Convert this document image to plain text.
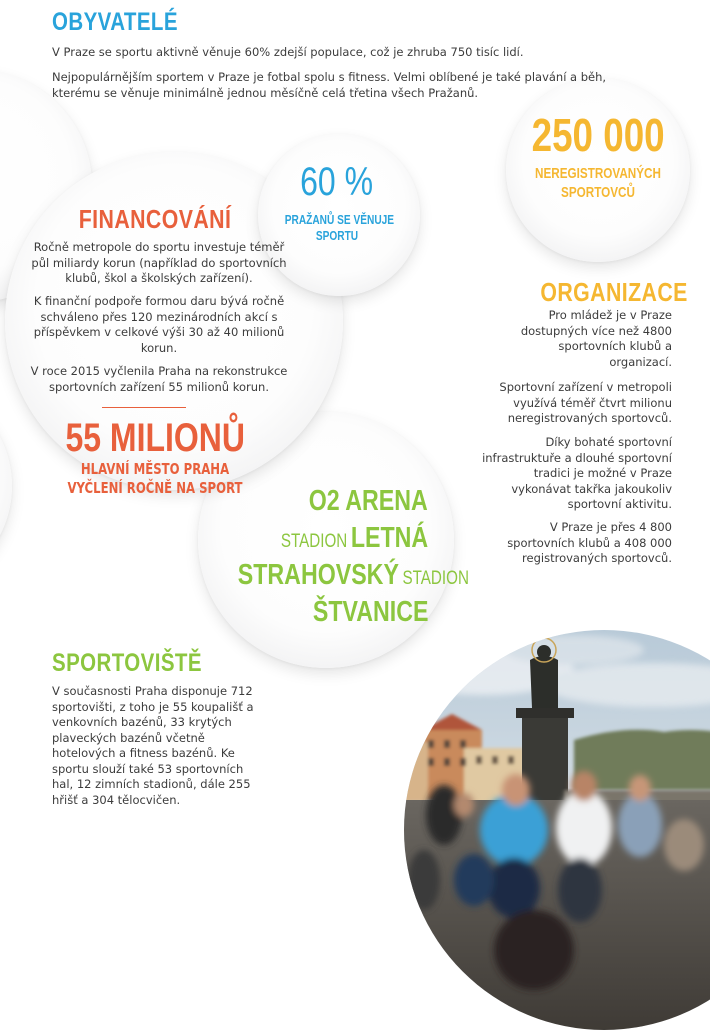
OBYVATELÉ

V Praze se sportu aktivně věnuje 60% zdejší populace, což je zhruba 750 tisíc lidí.

Nejpopulárnějším sportem v Praze je fotbal spolu s fitness. Velmi oblíbené je také plavání a běh, kterému se věnuje minimálně jednou měsíčně celá třetina všech Pražanů.

60 %
PRAŽANŮ SE VĚNUJE
SPORTU
250 000
NEREGISTROVANÝCH
SPORTOVCŮ
FINANCOVÁNÍ

Ročně metropole do sportu investuje téměř půl miliardy korun (například do sportovních klubů, škol a školských zařízení).

K finanční podpoře formou daru bývá ročně schváleno přes 120 mezinárodních akcí s příspěvkem v celkové výši 30 až 40 milionů korun.

V roce 2015 vyčlenila Praha na rekonstrukce sportovních zařízení 55 milionů korun.

55 MILIONŮ
HLAVNÍ MĚSTO PRAHA
VYČLENÍ ROČNĚ NA SPORT
ORGANIZACE

Pro mládež je v Praze dostupných více než 4800 sportovních klubů a organizací.

Sportovní zařízení v metropoli využívá téměř čtvrt milionu neregistrovaných sportovců.

Díky bohaté sportovní infrastruktuře a dlouhé sportovní tradici je možné v Praze vykonávat takřka jakoukoliv sportovní aktivitu.

V Praze je přes 4 800 sportovních klubů a 408 000 registrovaných sportovců.

O2 ARENA
STADION LETNÁ
STRAHOVSKÝ STADION
ŠTVANICE
SPORTOVIŠTĚ

V současnosti Praha disponuje 712 sportovišti, z toho je 55 koupališť a venkovních bazénů, 33 krytých plaveckých bazénů včetně hotelových a fitness bazénů. Ke sportu slouží také 53 sportovních hal, 12 zimních stadionů, dále 255 hřišť a 304 tělocvičen.
